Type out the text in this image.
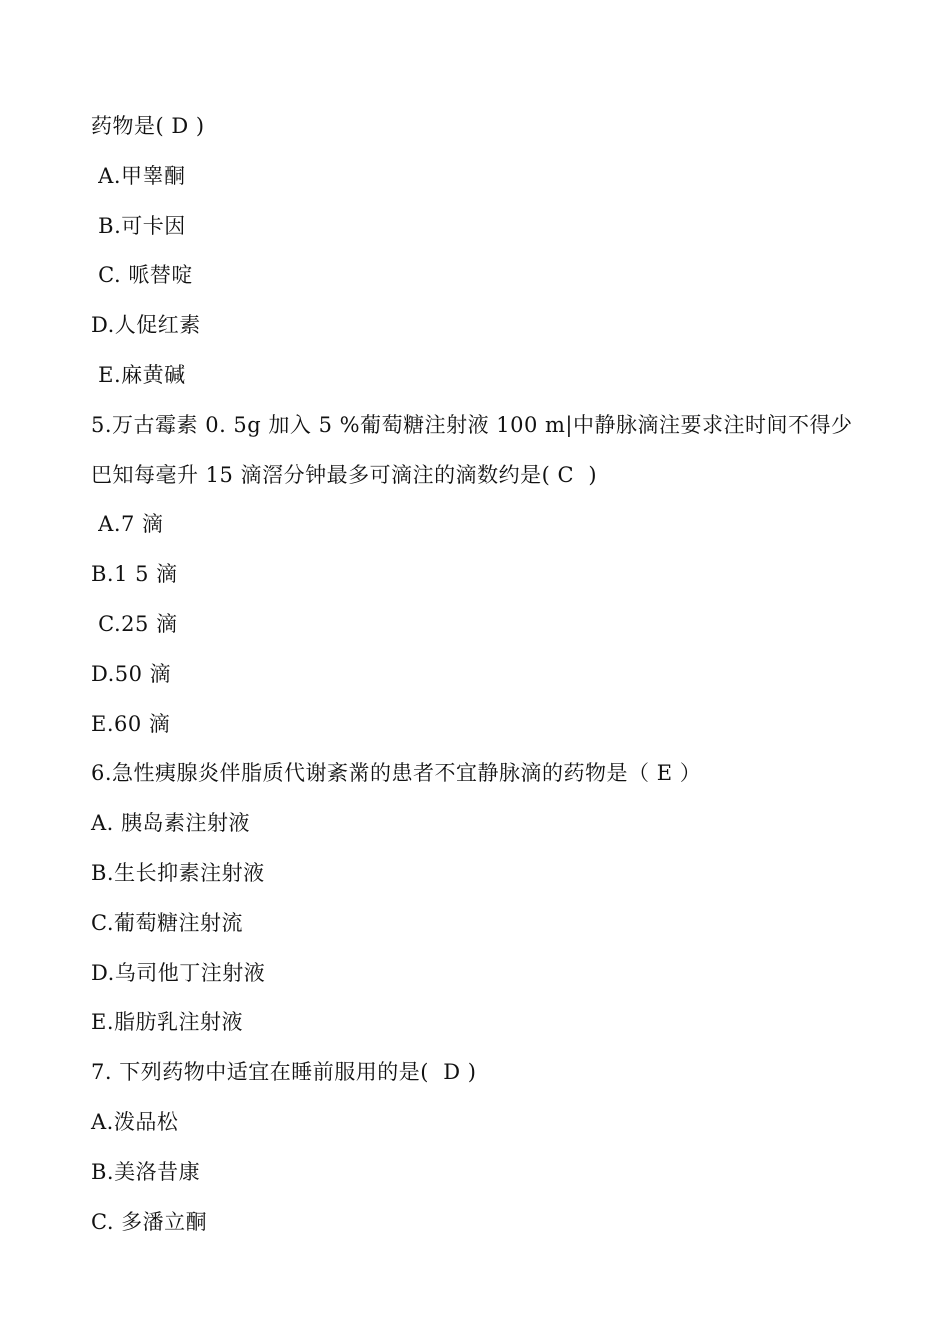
药物是( D )
A.甲睾酮
B.可卡因
C. 哌替啶
D.人促红素
E.麻黄碱
5.万古霉素 0. 5g 加入 5 %葡萄糖注射液 100 m|中静脉滴注要求注时间不得少
巴知每毫升 15 滴滘分钟最多可滴注的滴数约是( C  )
A.7 滴
B.1 5 滴
C.25 滴
D.50 滴
E.60 滴
6.急性痍腺炎伴脂质代谢紊黹的患者不宜静脉滴的药物是（ E ）
A. 胰岛素注射液
B.生长抑素注射液
C.葡萄糖注射流
D.乌司他丁注射液
E.脂肪乳注射液
7. 下列药物中适宜在睡前服用的是(  D )
A.泼品松
B.美洛昔康
C. 多潘立酮
